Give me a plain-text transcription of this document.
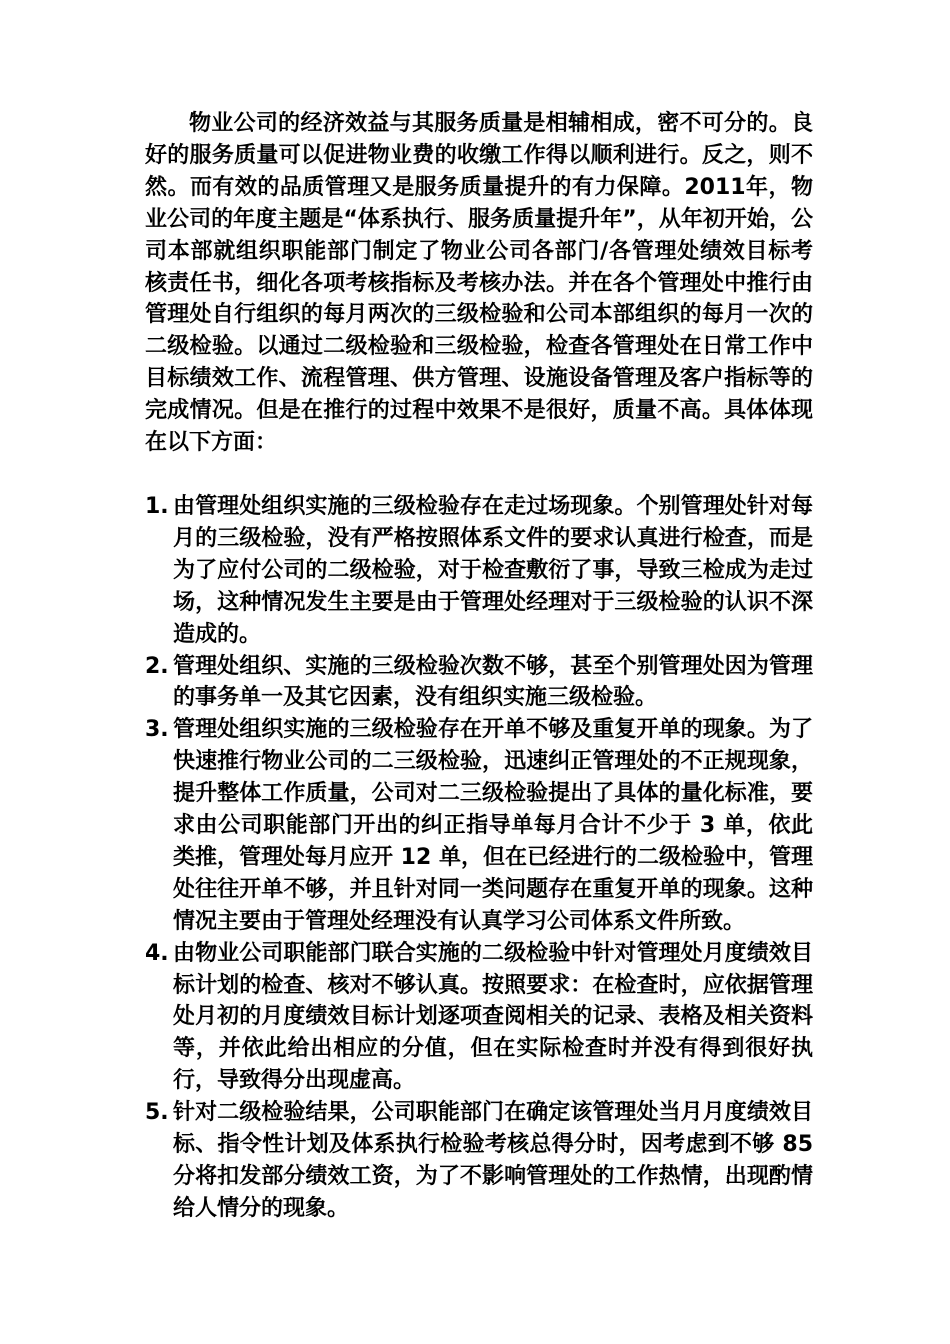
物业公司的经济效益与其服务质量是相辅相成，密不可分的。良好的服务质量可以促进物业费的收缴工作得以顺利进行。反之，则不然。而有效的品质管理又是服务质量提升的有力保障。2011年，物业公司的年度主题是“体系执行、服务质量提升年”，从年初开始，公司本部就组织职能部门制定了物业公司各部门/各管理处绩效目标考核责任书，细化各项考核指标及考核办法。并在各个管理处中推行由管理处自行组织的每月两次的三级检验和公司本部组织的每月一次的二级检验。以通过二级检验和三级检验，检查各管理处在日常工作中目标绩效工作、流程管理、供方管理、设施设备管理及客户指标等的完成情况。但是在推行的过程中效果不是很好，质量不高。具体体现在以下方面：

1. 由管理处组织实施的三级检验存在走过场现象。个别管理处针对每月的三级检验，没有严格按照体系文件的要求认真进行检查，而是为了应付公司的二级检验，对于检查敷衍了事，导致三检成为走过场，这种情况发生主要是由于管理处经理对于三级检验的认识不深造成的。
2. 管理处组织、实施的三级检验次数不够，甚至个别管理处因为管理的事务单一及其它因素，没有组织实施三级检验。
3. 管理处组织实施的三级检验存在开单不够及重复开单的现象。为了快速推行物业公司的二三级检验，迅速纠正管理处的不正规现象，提升整体工作质量，公司对二三级检验提出了具体的量化标准，要求由公司职能部门开出的纠正指导单每月合计不少于 3 单，依此类推，管理处每月应开 12 单，但在已经进行的二级检验中，管理处往往开单不够，并且针对同一类问题存在重复开单的现象。这种情况主要由于管理处经理没有认真学习公司体系文件所致。
4. 由物业公司职能部门联合实施的二级检验中针对管理处月度绩效目标计划的检查、核对不够认真。按照要求：在检查时，应依据管理处月初的月度绩效目标计划逐项查阅相关的记录、表格及相关资料等，并依此给出相应的分值，但在实际检查时并没有得到很好执行，导致得分出现虚高。
5. 针对二级检验结果，公司职能部门在确定该管理处当月月度绩效目标、指令性计划及体系执行检验考核总得分时，因考虑到不够 85 分将扣发部分绩效工资，为了不影响管理处的工作热情，出现酌情给人情分的现象。
